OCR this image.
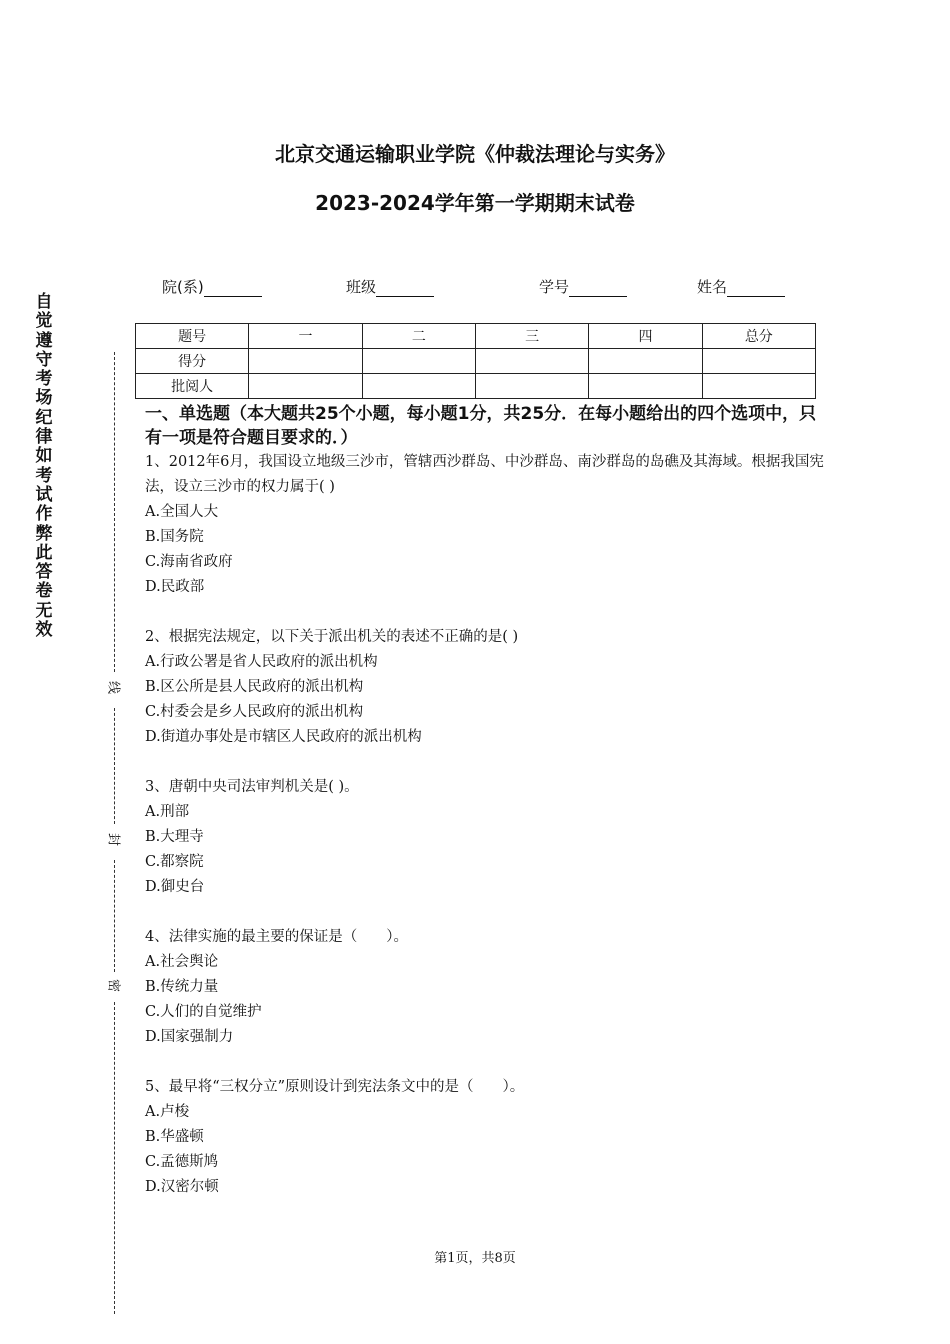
北京交通运输职业学院《仲裁法理论与实务》
2023-2024学年第一学期期末试卷
院(系)	班级	学号	姓名
题号	一	二	三	四	总分
得分					
批阅人					
一、单选题（本大题共25个小题，每小题1分，共25分．在每小题给出的四个选项中，只有一项是符合题目要求的．）

1、2012年6月，我国设立地级三沙市，管辖西沙群岛、中沙群岛、南沙群岛的岛礁及其海域。根据我国宪法，设立三沙市的权力属于( )

A.全国人大

B.国务院

C.海南省政府

D.民政部

2、根据宪法规定，以下关于派出机关的表述不正确的是( )

A.行政公署是省人民政府的派出机构

B.区公所是县人民政府的派出机构

C.村委会是乡人民政府的派出机构

D.街道办事处是市辖区人民政府的派出机构

3、唐朝中央司法审判机关是( )。

A.刑部

B.大理寺

C.都察院

D.御史台

4、法律实施的最主要的保证是（　　）。

A.社会舆论

B.传统力量

C.人们的自觉维护

D.国家强制力

5、最早将“三权分立”原则设计到宪法条文中的是（　　）。

A.卢梭

B.华盛顿

C.孟德斯鸠

D.汉密尔顿

自觉遵守考场纪律如考试作弊此答卷无效
线
封
密
第1页，共8页
